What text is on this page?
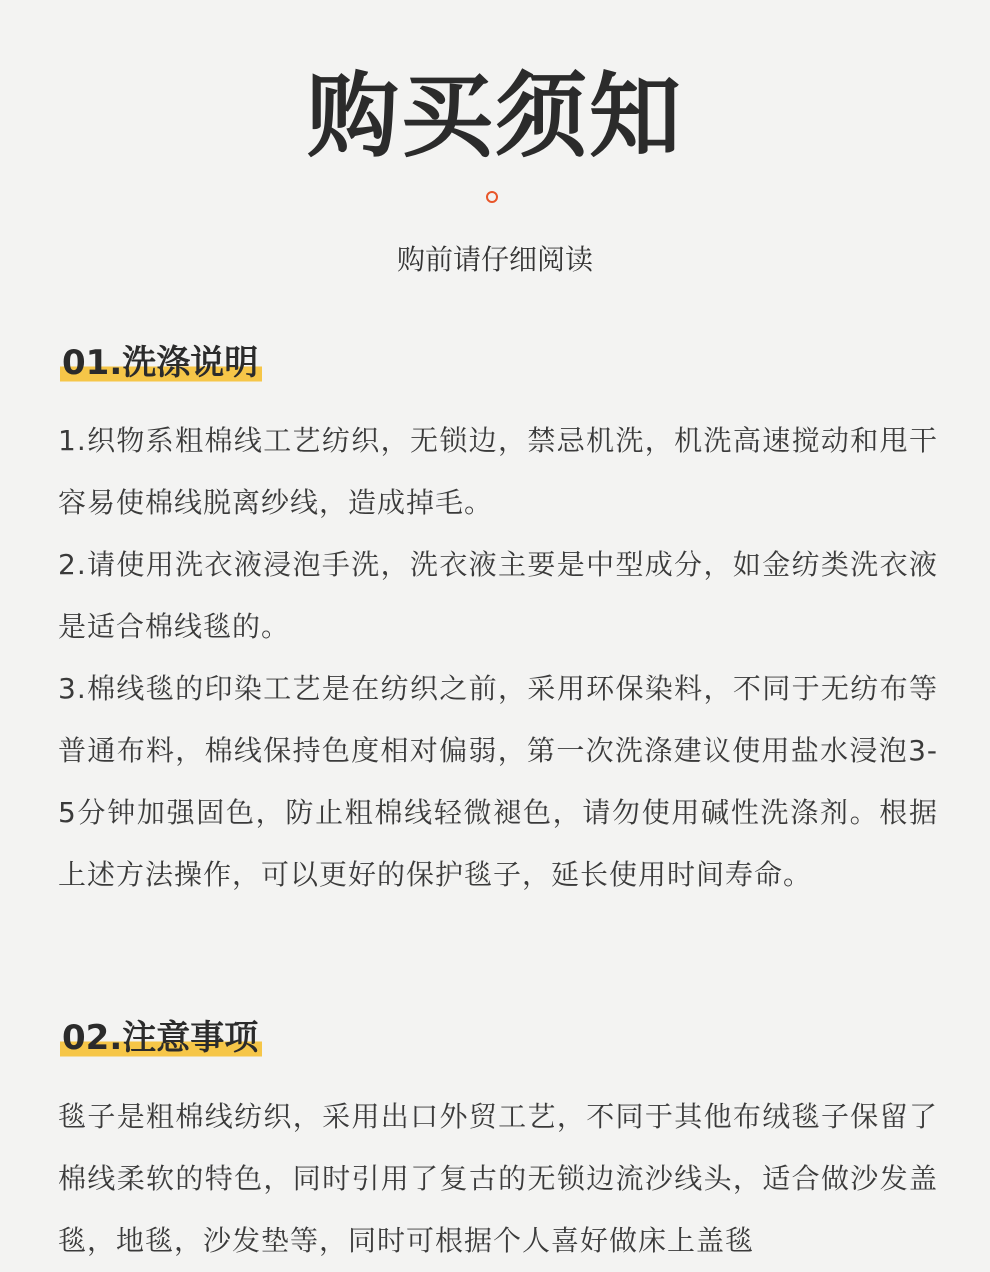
购买须知
购前请仔细阅读
01.洗涤说明

1.织物系粗棉线工艺纺织，无锁边，禁忌机洗，机洗高速搅动和甩干容易使棉线脱离纱线，造成掉毛。

2.请使用洗衣液浸泡手洗，洗衣液主要是中型成分，如金纺类洗衣液是适合棉线毯的。

3.棉线毯的印染工艺是在纺织之前，采用环保染料，不同于无纺布等普通布料，棉线保持色度相对偏弱，第一次洗涤建议使用盐水浸泡3-5分钟加强固色，防止粗棉线轻微褪色，请勿使用碱性洗涤剂。根据上述方法操作，可以更好的保护毯子，延长使用时间寿命。

02.注意事项

毯子是粗棉线纺织，采用出口外贸工艺，不同于其他布绒毯子保留了棉线柔软的特色，同时引用了复古的无锁边流沙线头，适合做沙发盖毯，地毯，沙发垫等，同时可根据个人喜好做床上盖毯
